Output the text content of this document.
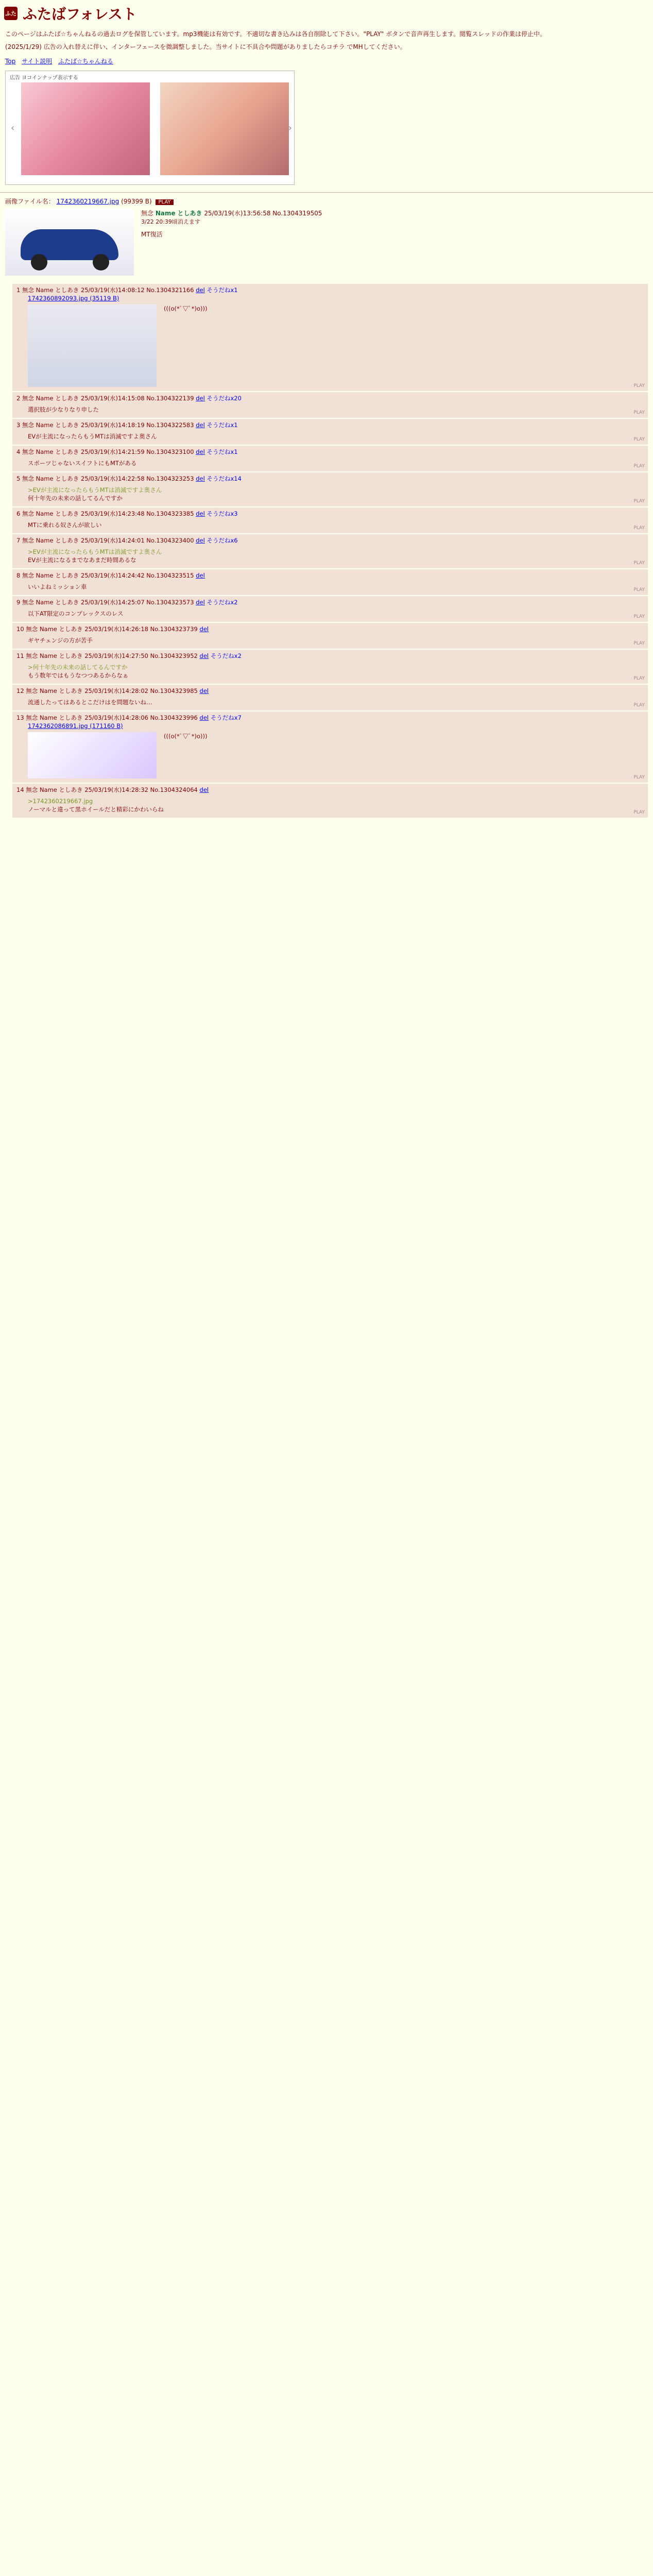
ふた ふたばフォレスト

このページはふたば☆ちゃんねるの過去ログを保管しています。mp3機能は有効です。不適切な書き込みは各自削除して下さい。"PLAY" ボタンで音声再生します。閲覧スレッドの作業は停止中。

(2025/1/29) 広告の入れ替えに伴い、インターフェースを微調整しました。当サイトに不具合や問題がありましたらコチラ でMHしてください。

Top サイト説明 ふたば☆ちゃんねる
広告 ヨコインナップ表示する
‹	›
画像ファイル名： 1742360219667.jpg (99399 B) PLAY
無念 Name としあき 25/03/19(水)13:56:58 No.1304319505
3/22 20:39頃消えます
MT復活
1 無念 Name としあき 25/03/19(水)14:08:12 No.1304321166 del そうだねx1
1742360892093.jpg (35119 B)
(((o(*ﾟ▽ﾟ*)o)))
PLAY
2 無念 Name としあき 25/03/19(水)14:15:08 No.1304322139 del そうだねx20
選択肢が少なりなり申した	PLAY
3 無念 Name としあき 25/03/19(水)14:18:19 No.1304322583 del そうだねx1
EVが主流になったらもうMTは消滅ですよ奥さん	PLAY
4 無念 Name としあき 25/03/19(水)14:21:59 No.1304323100 del そうだねx1
スポーツじゃないスイフトにもMTがある	PLAY
5 無念 Name としあき 25/03/19(水)14:22:58 No.1304323253 del そうだねx14
>EVが主流になったらもうMTは消滅ですよ奥さん
何十年先の未来の話してるんですか	PLAY
6 無念 Name としあき 25/03/19(水)14:23:48 No.1304323385 del そうだねx3
MTに乗れる奴さんが欲しい	PLAY
7 無念 Name としあき 25/03/19(水)14:24:01 No.1304323400 del そうだねx6
>EVが主流になったらもうMTは消滅ですよ奥さん
EVが主流になるまでなあまだ時間あるな	PLAY
8 無念 Name としあき 25/03/19(水)14:24:42 No.1304323515 del
いいよねミッション車	PLAY
9 無念 Name としあき 25/03/19(水)14:25:07 No.1304323573 del そうだねx2
以下AT限定のコンプレックスのレス	PLAY
10 無念 Name としあき 25/03/19(水)14:26:18 No.1304323739 del
ギヤチェンジの方が苦手	PLAY
11 無念 Name としあき 25/03/19(水)14:27:50 No.1304323952 del そうだねx2
>何十年先の未来の話してるんですか
もう数年ではもうなつつあるからなぁ	PLAY
12 無念 Name としあき 25/03/19(水)14:28:02 No.1304323985 del
流通したってはあるとこだけはを問題ないね…	PLAY
13 無念 Name としあき 25/03/19(水)14:28:06 No.1304323996 del そうだねx7
1742362086891.jpg (171160 B)
(((o(*ﾟ▽ﾟ*)o)))
PLAY
14 無念 Name としあき 25/03/19(水)14:28:32 No.1304324064 del
>1742360219667.jpg
ノーマルと違って黒ホイールだと精彩にかわいらね	PLAY
